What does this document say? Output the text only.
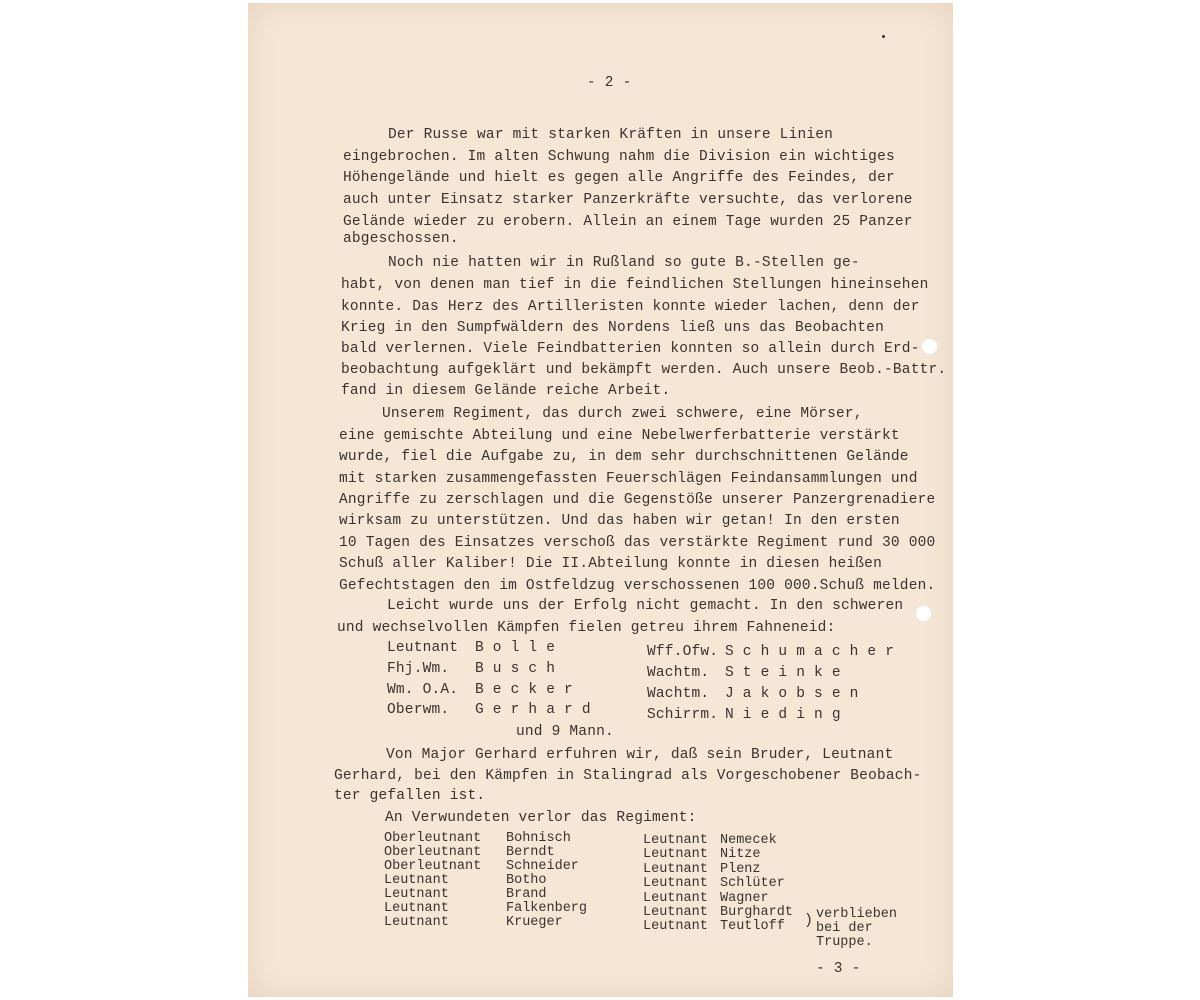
- 2 -
Der Russe war mit starken Kräften in unsere Linien
eingebrochen. Im alten Schwung nahm die Division ein wichtiges
Höhengelände und hielt es gegen alle Angriffe des Feindes, der
auch unter Einsatz starker Panzerkräfte versuchte, das verlorene
Gelände wieder zu erobern. Allein an einem Tage wurden 25 Panzer
abgeschossen.
Noch nie hatten wir in Rußland so gute B.-Stellen ge-
habt, von denen man tief in die feindlichen Stellungen hineinsehen
konnte. Das Herz des Artilleristen konnte wieder lachen, denn der
Krieg in den Sumpfwäldern des Nordens ließ uns das Beobachten
bald verlernen. Viele Feindbatterien konnten so allein durch Erd-
beobachtung aufgeklärt und bekämpft werden. Auch unsere Beob.-Battr.
fand in diesem Gelände reiche Arbeit.
Unserem Regiment, das durch zwei schwere, eine Mörser,
eine gemischte Abteilung und eine Nebelwerferbatterie verstärkt
wurde, fiel die Aufgabe zu, in dem sehr durchschnittenen Gelände
mit starken zusammengefassten Feuerschlägen Feindansammlungen und
Angriffe zu zerschlagen und die Gegenstöße unserer Panzergrenadiere
wirksam zu unterstützen. Und das haben wir getan! In den ersten
10 Tagen des Einsatzes verschoß das verstärkte Regiment rund 30 000
Schuß aller Kaliber! Die II.Abteilung konnte in diesen heißen
Gefechtstagen den im Ostfeldzug verschossenen 100 000.Schuß melden.
Leicht wurde uns der Erfolg nicht gemacht. In den schweren
und wechselvollen Kämpfen fielen getreu ihrem Fahneneid:
Leutnant B o l l e
Fhj.Wm. B u s c h
Wm. O.A. B e c k e r
Oberwm. G e r h a r d
Wff.Ofw. S c h u m a c h e r
Wachtm. S t e i n k e
Wachtm. J a k o b s e n
Schirrm. N i e d i n g
und 9 Mann.
Von Major Gerhard erfuhren wir, daß sein Bruder, Leutnant
Gerhard, bei den Kämpfen in Stalingrad als Vorgeschobener Beobach-
ter gefallen ist.
An Verwundeten verlor das Regiment:
Oberleutnant Bohnisch
Oberleutnant Berndt
Oberleutnant Schneider
Leutnant	Botho
Leutnant	Brand
Leutnant	Falkenberg
Leutnant	Krueger
Leutnant Nemecek
Leutnant Nitze
Leutnant Plenz
Leutnant Schlüter
Leutnant Wagner
Leutnant Burghardt
Leutnant Teutloff ) verblieben
bei der
Truppe.
- 3 -
